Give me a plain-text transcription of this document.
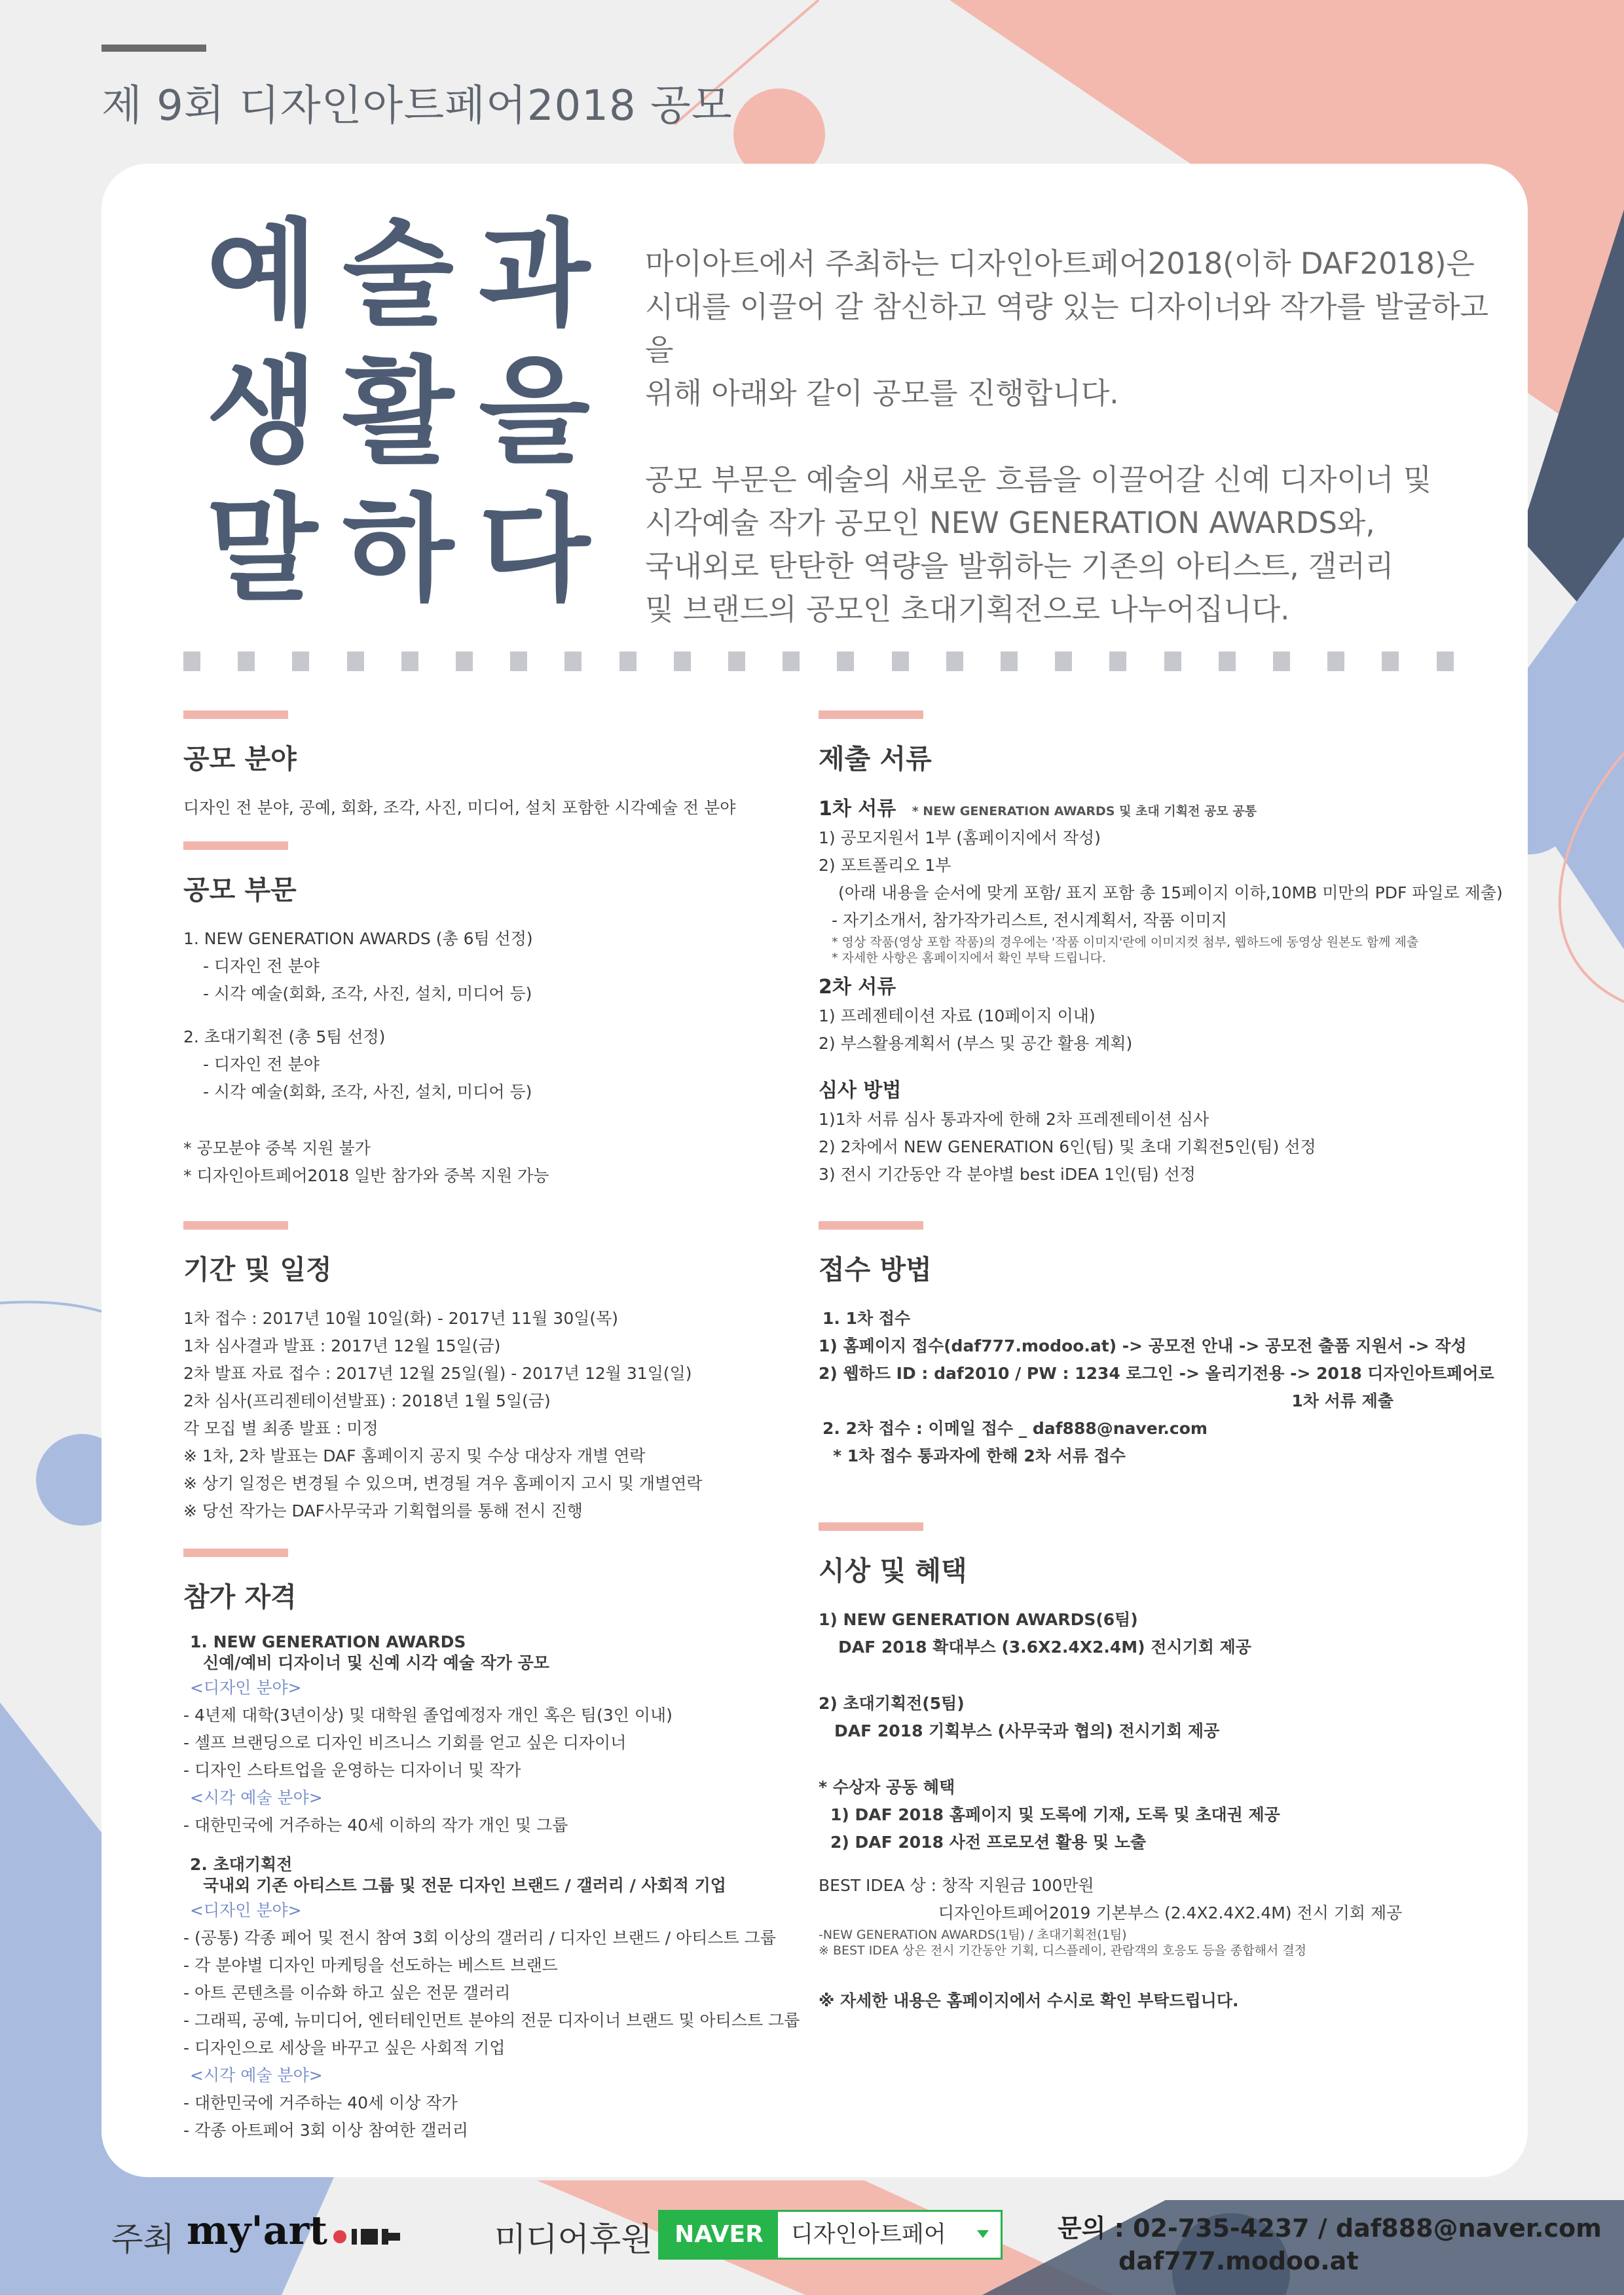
제 9회 디자인아트페어2018 공모
예술과
생활을
말하다

마이아트에서 주최하는 디자인아트페어2018(이하 DAF2018)은
시대를 이끌어 갈 참신하고 역량 있는 디자이너와 작가를 발굴하고을
위해 아래와 같이 공모를 진행합니다.

공모 부문은 예술의 새로운 흐름을 이끌어갈 신예 디자이너 및
시각예술 작가 공모인 NEW GENERATION AWARDS와,
국내외로 탄탄한 역량을 발휘하는 기존의 아티스트, 갤러리
및 브랜드의 공모인 초대기획전으로 나누어집니다.

공모 분야
디자인 전 분야, 공예, 회화, 조각, 사진, 미디어, 설치 포함한 시각예술 전 분야
공모 부문
1. NEW GENERATION AWARDS (총 6팀 선정)
- 디자인 전 분야
- 시각 예술(회화, 조각, 사진, 설치, 미디어 등)
2. 초대기획전 (총 5팀 선정)
- 디자인 전 분야
- 시각 예술(회화, 조각, 사진, 설치, 미디어 등)
* 공모분야 중복 지원 불가
* 디자인아트페어2018 일반 참가와 중복 지원 가능
기간 및 일정
1차 접수 : 2017년 10월 10일(화) - 2017년 11월 30일(목)
1차 심사결과 발표 : 2017년 12월 15일(금)
2차 발표 자료 접수 : 2017년 12월 25일(월) - 2017년 12월 31일(일)
2차 심사(프리젠테이션발표) : 2018년 1월 5일(금)
각 모집 별 최종 발표 : 미정
※ 1차, 2차 발표는 DAF 홈페이지 공지 및 수상 대상자 개별 연락
※ 상기 일정은 변경될 수 있으며, 변경될 겨우 홈페이지 고시 및 개별연락
※ 당선 작가는 DAF사무국과 기획협의를 통해 전시 진행
참가 자격
1. NEW GENERATION AWARDS
신예/예비 디자이너 및 신예 시각 예술 작가 공모
<디자인 분야>
- 4년제 대학(3년이상) 및 대학원 졸업예정자 개인 혹은 팀(3인 이내)
- 셀프 브랜딩으로 디자인 비즈니스 기회를 얻고 싶은 디자이너
- 디자인 스타트업을 운영하는 디자이너 및 작가
<시각 예술 분야>
- 대한민국에 거주하는 40세 이하의 작가 개인 및 그룹
2. 초대기획전
국내외 기존 아티스트 그룹 및 전문 디자인 브랜드 / 갤러리 / 사회적 기업
<디자인 분야>
- (공통) 각종 페어 및 전시 참여 3회 이상의 갤러리 / 디자인 브랜드 / 아티스트 그룹
- 각 분야별 디자인 마케팅을 선도하는 베스트 브랜드
- 아트 콘텐츠를 이슈화 하고 싶은 전문 갤러리
- 그래픽, 공예, 뉴미디어, 엔터테인먼트 분야의 전문 디자이너 브랜드 및 아티스트 그룹
- 디자인으로 세상을 바꾸고 싶은 사회적 기업
<시각 예술 분야>
- 대한민국에 거주하는 40세 이상 작가
- 각종 아트페어 3회 이상 참여한 갤러리
제출 서류
1차 서류 * NEW GENERATION AWARDS 및 초대 기획전 공모 공통
1) 공모지원서 1부 (홈페이지에서 작성)
2) 포트폴리오 1부
(아래 내용을 순서에 맞게 포함/ 표지 포함 총 15페이지 이하,10MB 미만의 PDF 파일로 제출)
- 자기소개서, 참가작가리스트, 전시계획서, 작품 이미지
* 영상 작품(영상 포함 작품)의 경우에는 '작품 이미지'란에 이미지컷 첨부, 웹하드에 동영상 원본도 함께 제출
* 자세한 사항은 홈페이지에서 확인 부탁 드립니다.
2차 서류
1) 프레젠테이션 자료 (10페이지 이내)
2) 부스활용계획서 (부스 및 공간 활용 계획)
심사 방법
1)1차 서류 심사 통과자에 한해 2차 프레젠테이션 심사
2) 2차에서 NEW GENERATION 6인(팀) 및 초대 기획전5인(팀) 선정
3) 전시 기간동안 각 분야별 best iDEA 1인(팀) 선정
접수 방법
1. 1차 접수
1) 홈페이지 접수(daf777.modoo.at) -> 공모전 안내 -> 공모전 출품 지원서 -> 작성
2) 웹하드 ID : daf2010 / PW : 1234 로그인 -> 올리기전용 -> 2018 디자인아트페어로
1차 서류 제출
2. 2차 접수 : 이메일 접수 _ daf888@naver.com
* 1차 접수 통과자에 한해 2차 서류 접수
시상 및 혜택
1) NEW GENERATION AWARDS(6팀)
DAF 2018 확대부스 (3.6X2.4X2.4M) 전시기회 제공
2) 초대기획전(5팀)
DAF 2018 기획부스 (사무국과 협의) 전시기회 제공
* 수상자 공동 혜택
1) DAF 2018 홈페이지 및 도록에 기재, 도록 및 초대권 제공
2) DAF 2018 사전 프로모션 활용 및 노출
BEST IDEA 상 : 창작 지원금 100만원
디자인아트페어2019 기본부스 (2.4X2.4X2.4M) 전시 기회 제공
-NEW GENERATION AWARDS(1팀) / 초대기획전(1팀)
※ BEST IDEA 상은 전시 기간동안 기획, 디스플레이, 관람객의 호응도 등을 종합해서 결정
※ 자세한 내용은 홈페이지에서 수시로 확인 부탁드립니다.
주최 my'art	미디어후원 NAVER	디자인아트페어	문의 : 02-735-4237 / daf888@naver.com
daf777.modoo.at
